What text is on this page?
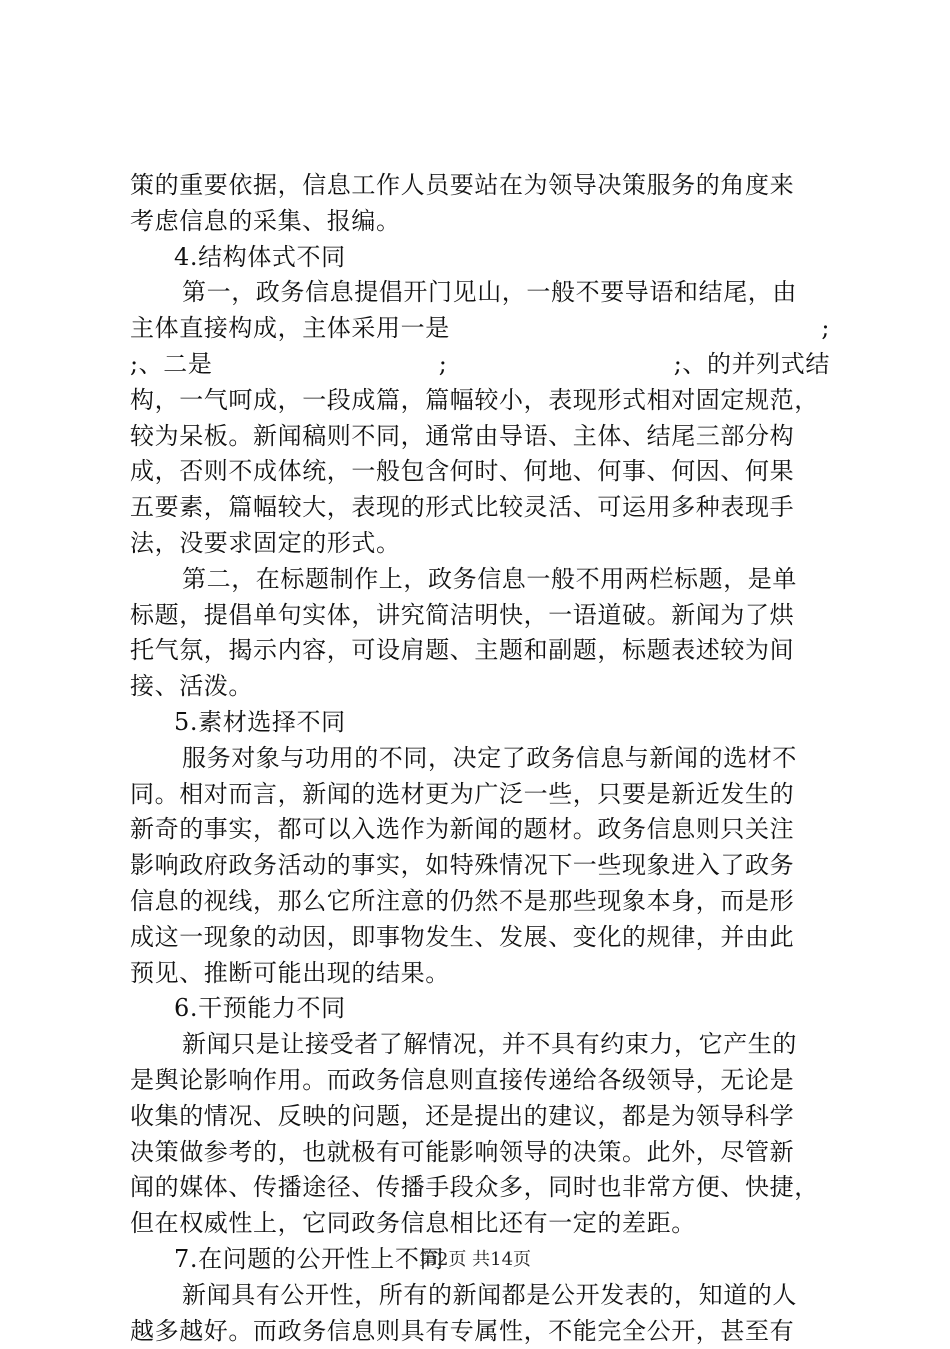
策的重要依据，信息工作人员要站在为领导决策服务的角度来
考虑信息的采集、报编。
4.结构体式不同
第一，政务信息提倡开门见山，一般不要导语和结尾，由
主体直接构成，主体采用一是	;
;、二是	;	;、的并列式结
构，一气呵成，一段成篇，篇幅较小，表现形式相对固定规范，
较为呆板。新闻稿则不同，通常由导语、主体、结尾三部分构
成，否则不成体统，一般包含何时、何地、何事、何因、何果
五要素，篇幅较大，表现的形式比较灵活、可运用多种表现手
法，没要求固定的形式。
第二，在标题制作上，政务信息一般不用两栏标题，是单
标题，提倡单句实体，讲究简洁明快，一语道破。新闻为了烘
托气氛，揭示内容，可设肩题、主题和副题，标题表述较为间
接、活泼。
5.素材选择不同
服务对象与功用的不同，决定了政务信息与新闻的选材不
同。相对而言，新闻的选材更为广泛一些，只要是新近发生的
新奇的事实，都可以入选作为新闻的题材。政务信息则只关注
影响政府政务活动的事实，如特殊情况下一些现象进入了政务
信息的视线，那么它所注意的仍然不是那些现象本身，而是形
成这一现象的动因，即事物发生、发展、变化的规律，并由此
预见、推断可能出现的结果。
6.干预能力不同
新闻只是让接受者了解情况，并不具有约束力，它产生的
是舆论影响作用。而政务信息则直接传递给各级领导，无论是
收集的情况、反映的问题，还是提出的建议，都是为领导科学
决策做参考的，也就极有可能影响领导的决策。此外，尽管新
闻的媒体、传播途径、传播手段众多，同时也非常方便、快捷，
但在权威性上，它同政务信息相比还有一定的差距。
7.在问题的公开性上不同
新闻具有公开性，所有的新闻都是公开发表的，知道的人
越多越好。而政务信息则具有专属性，不能完全公开，甚至有
第2页 共14页
